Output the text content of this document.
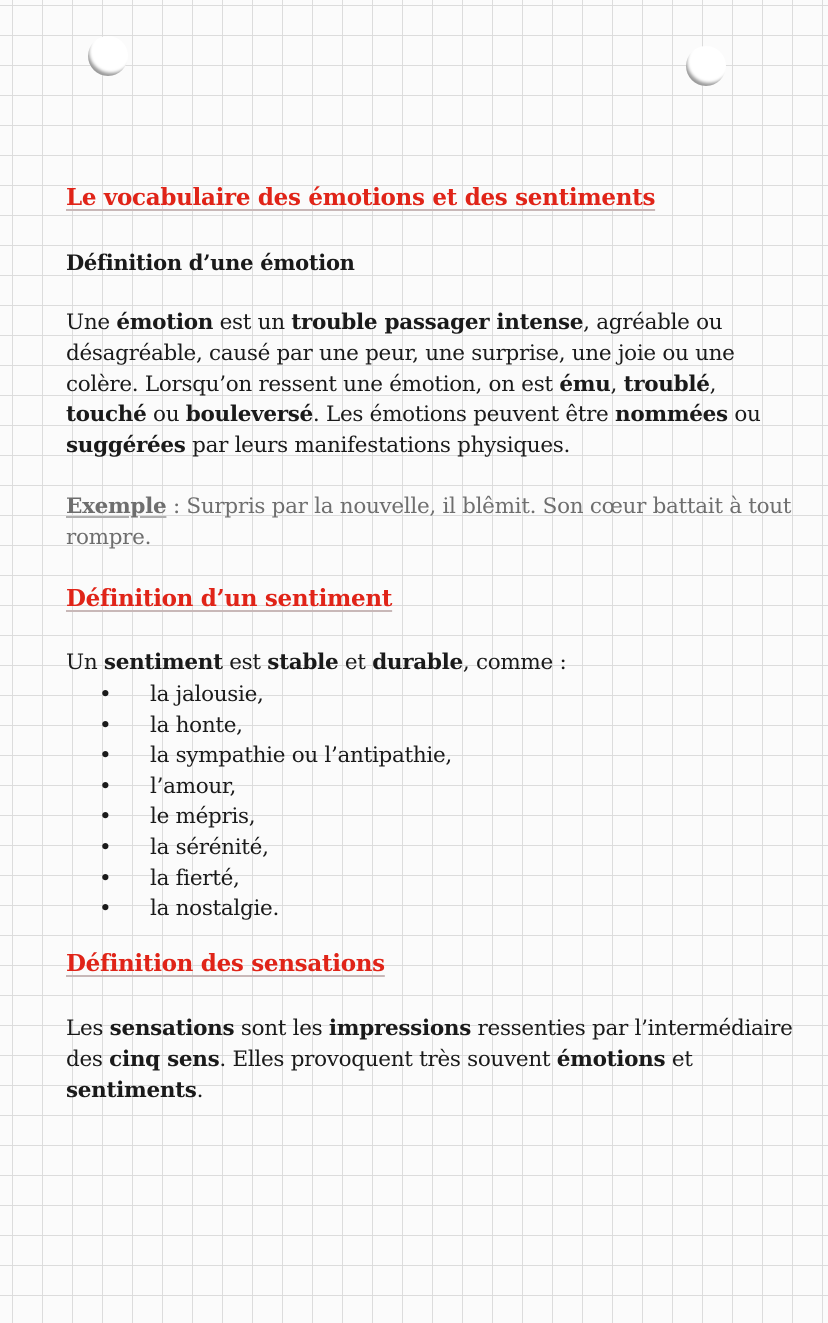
Le vocabulaire des émotions et des sentiments
Définition d’une émotion

Une émotion est un trouble passager intense, agréable ou désagréable, causé par une peur, une surprise, une joie ou une colère. Lorsqu’on ressent une émotion, on est ému, troublé, touché ou bouleversé. Les émotions peuvent être nommées ou suggérées par leurs manifestations physiques.

Exemple : Surpris par la nouvelle, il blêmit. Son cœur battait à tout rompre.

Définition d’un sentiment

Un sentiment est stable et durable, comme :

• la jalousie,
• la honte,
• la sympathie ou l’antipathie,
• l’amour,
• le mépris,
• la sérénité,
• la fierté,
• la nostalgie.
Définition des sensations

Les sensations sont les impressions ressenties par l’intermédiaire des cinq sens. Elles provoquent très souvent émotions et sentiments.
